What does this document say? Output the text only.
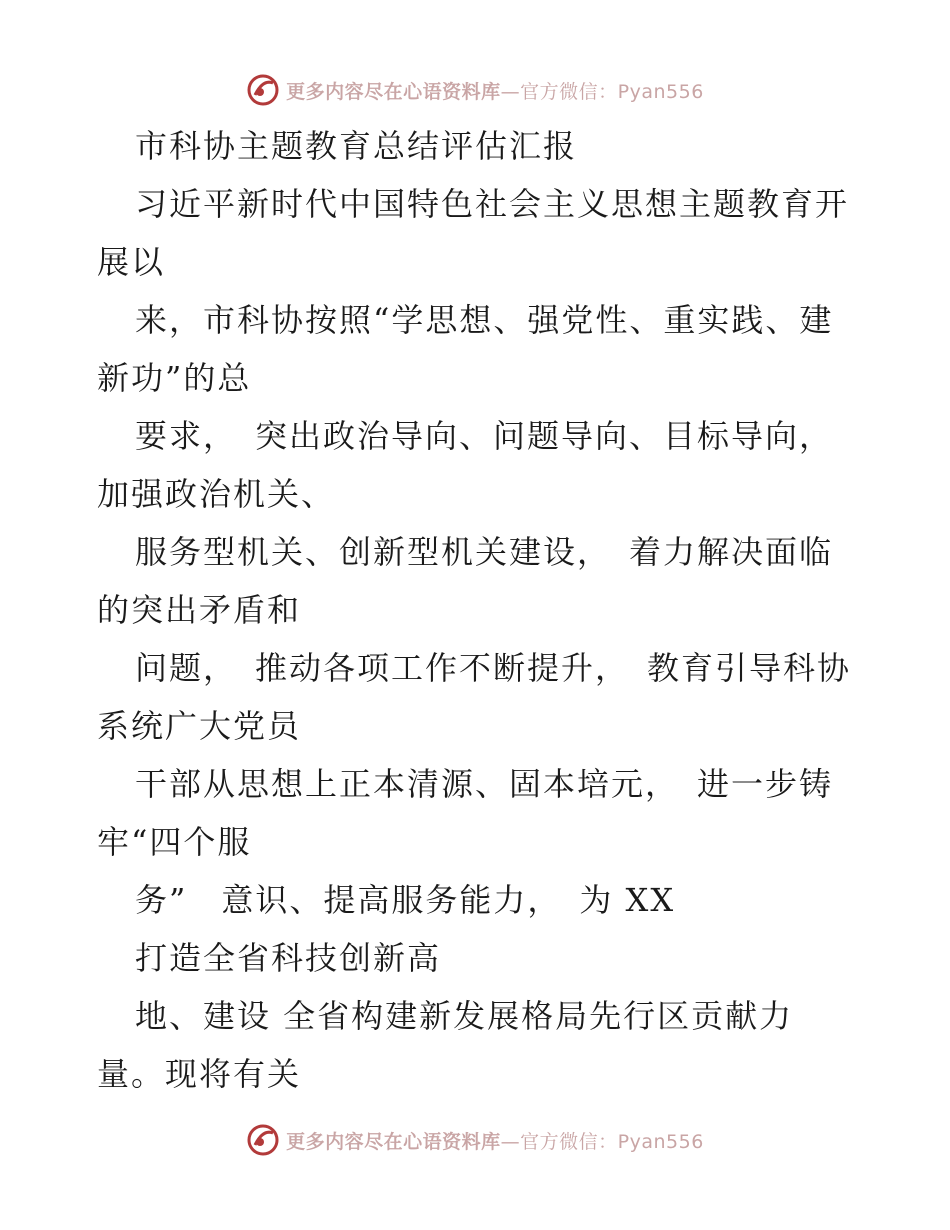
更多内容尽在心语资料库—官方微信：Pyan556
市科协主题教育总结评估汇报
习近平新时代中国特色社会主义思想主题教育开
展以
来，市科协按照“学思想、强党性、重实践、建
新功”的总
要求，　突出政治导向、问题导向、目标导向，
加强政治机关、
服务型机关、创新型机关建设，　着力解决面临
的突出矛盾和
问题，　推动各项工作不断提升，　教育引导科协
系统广大党员
干部从思想上正本清源、固本培元，　进一步铸
牢“四个服
务”　意识、提高服务能力，　为 XX
打造全省科技创新高
地、建设 全省构建新发展格局先行区贡献力
量。现将有关
更多内容尽在心语资料库—官方微信：Pyan556
